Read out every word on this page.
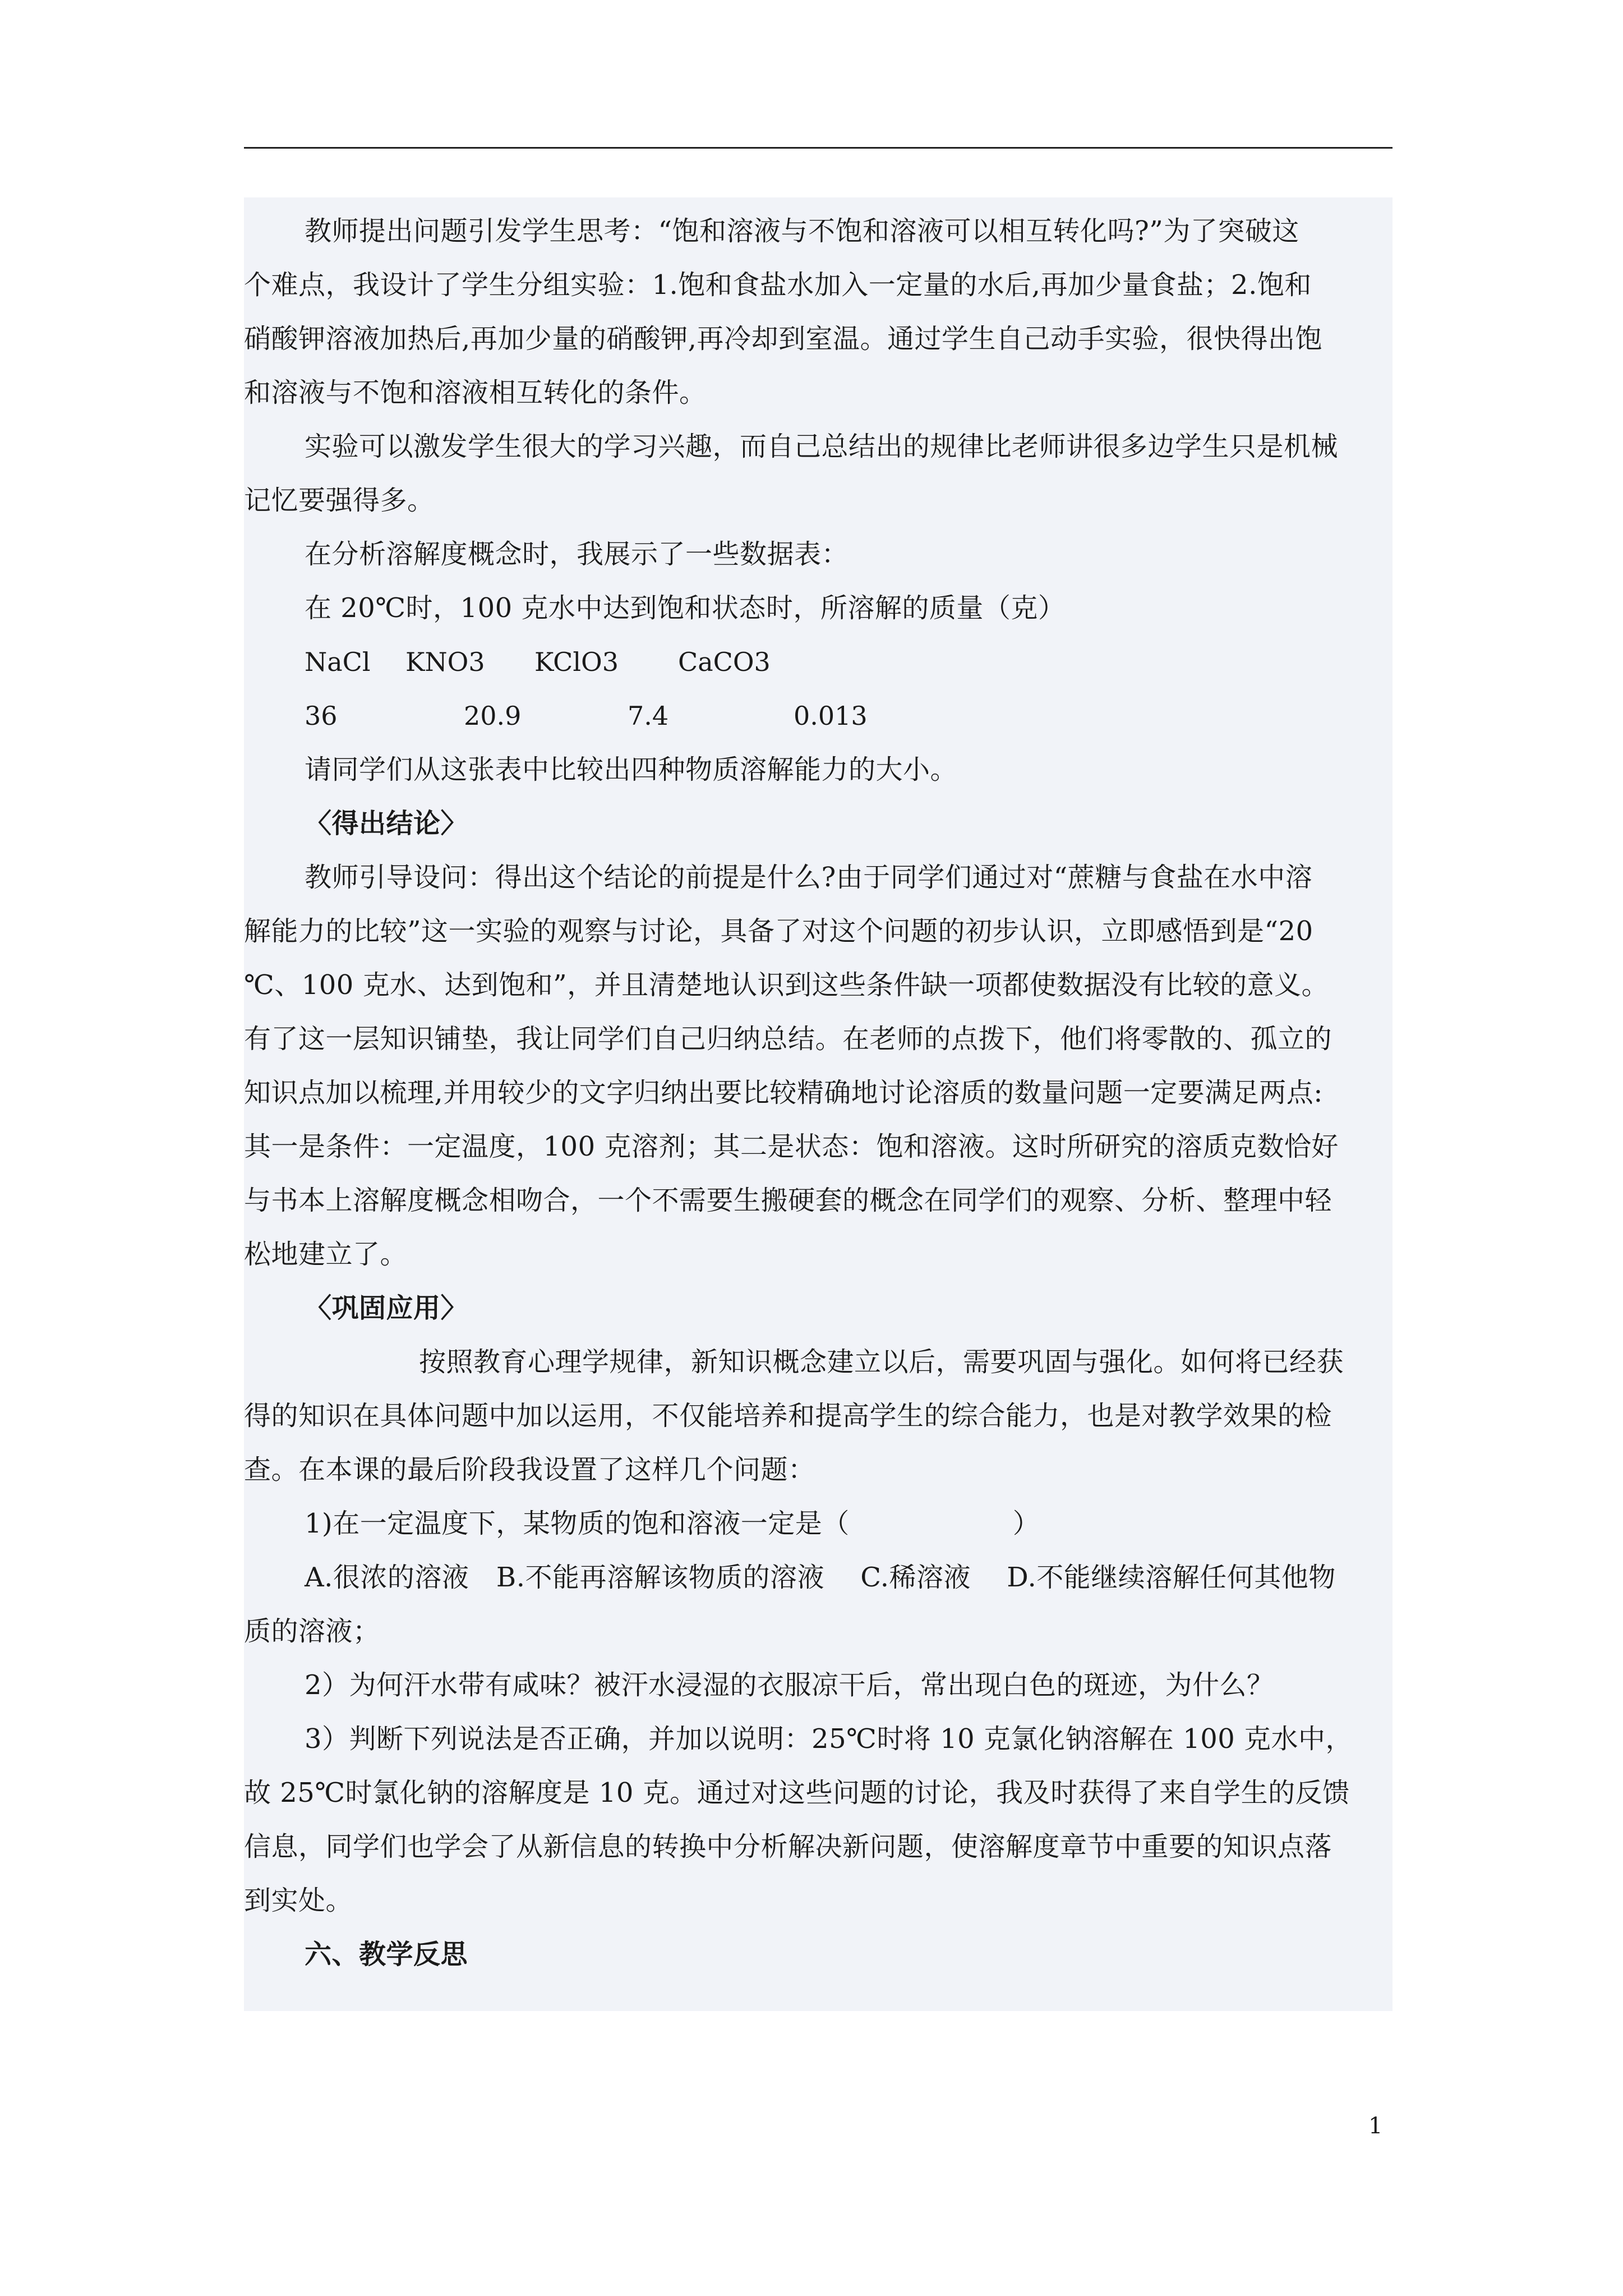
教师提出问题引发学生思考：“饱和溶液与不饱和溶液可以相互转化吗?”为了突破这
个难点，我设计了学生分组实验：1.饱和食盐水加入一定量的水后,再加少量食盐；2.饱和
硝酸钾溶液加热后,再加少量的硝酸钾,再冷却到室温。通过学生自己动手实验，很快得出饱
和溶液与不饱和溶液相互转化的条件。
实验可以激发学生很大的学习兴趣，而自己总结出的规律比老师讲很多边学生只是机械
记忆要强得多。
在分析溶解度概念时，我展示了一些数据表：
在 20℃时，100 克水中达到饱和状态时，所溶解的质量（克）
NaCl KNO3 KClO3 CaCO3
36	20.9	7.4	0.013
请同学们从这张表中比较出四种物质溶解能力的大小。
〈得出结论〉
教师引导设问：得出这个结论的前提是什么?由于同学们通过对“蔗糖与食盐在水中溶
解能力的比较”这一实验的观察与讨论，具备了对这个问题的初步认识，立即感悟到是“20
℃、100 克水、达到饱和”，并且清楚地认识到这些条件缺一项都使数据没有比较的意义。
有了这一层知识铺垫，我让同学们自己归纳总结。在老师的点拨下，他们将零散的、孤立的
知识点加以梳理,并用较少的文字归纳出要比较精确地讨论溶质的数量问题一定要满足两点:
其一是条件：一定温度，100 克溶剂；其二是状态：饱和溶液。这时所研究的溶质克数恰好
与书本上溶解度概念相吻合，一个不需要生搬硬套的概念在同学们的观察、分析、整理中轻
松地建立了。
〈巩固应用〉
按照教育心理学规律，新知识概念建立以后，需要巩固与强化。如何将已经获
得的知识在具体问题中加以运用，不仅能培养和提高学生的综合能力，也是对教学效果的检
查。在本课的最后阶段我设置了这样几个问题：
1)在一定温度下，某物质的饱和溶液一定是（　　　　　　）
A.很浓的溶液　B.不能再溶解该物质的溶液　 C.稀溶液　 D.不能继续溶解任何其他物
质的溶液；
2）为何汗水带有咸味？被汗水浸湿的衣服凉干后，常出现白色的斑迹，为什么？
3）判断下列说法是否正确，并加以说明：25℃时将 10 克氯化钠溶解在 100 克水中，
故 25℃时氯化钠的溶解度是 10 克。通过对这些问题的讨论，我及时获得了来自学生的反馈
信息，同学们也学会了从新信息的转换中分析解决新问题，使溶解度章节中重要的知识点落
到实处。
六、教学反思
1
